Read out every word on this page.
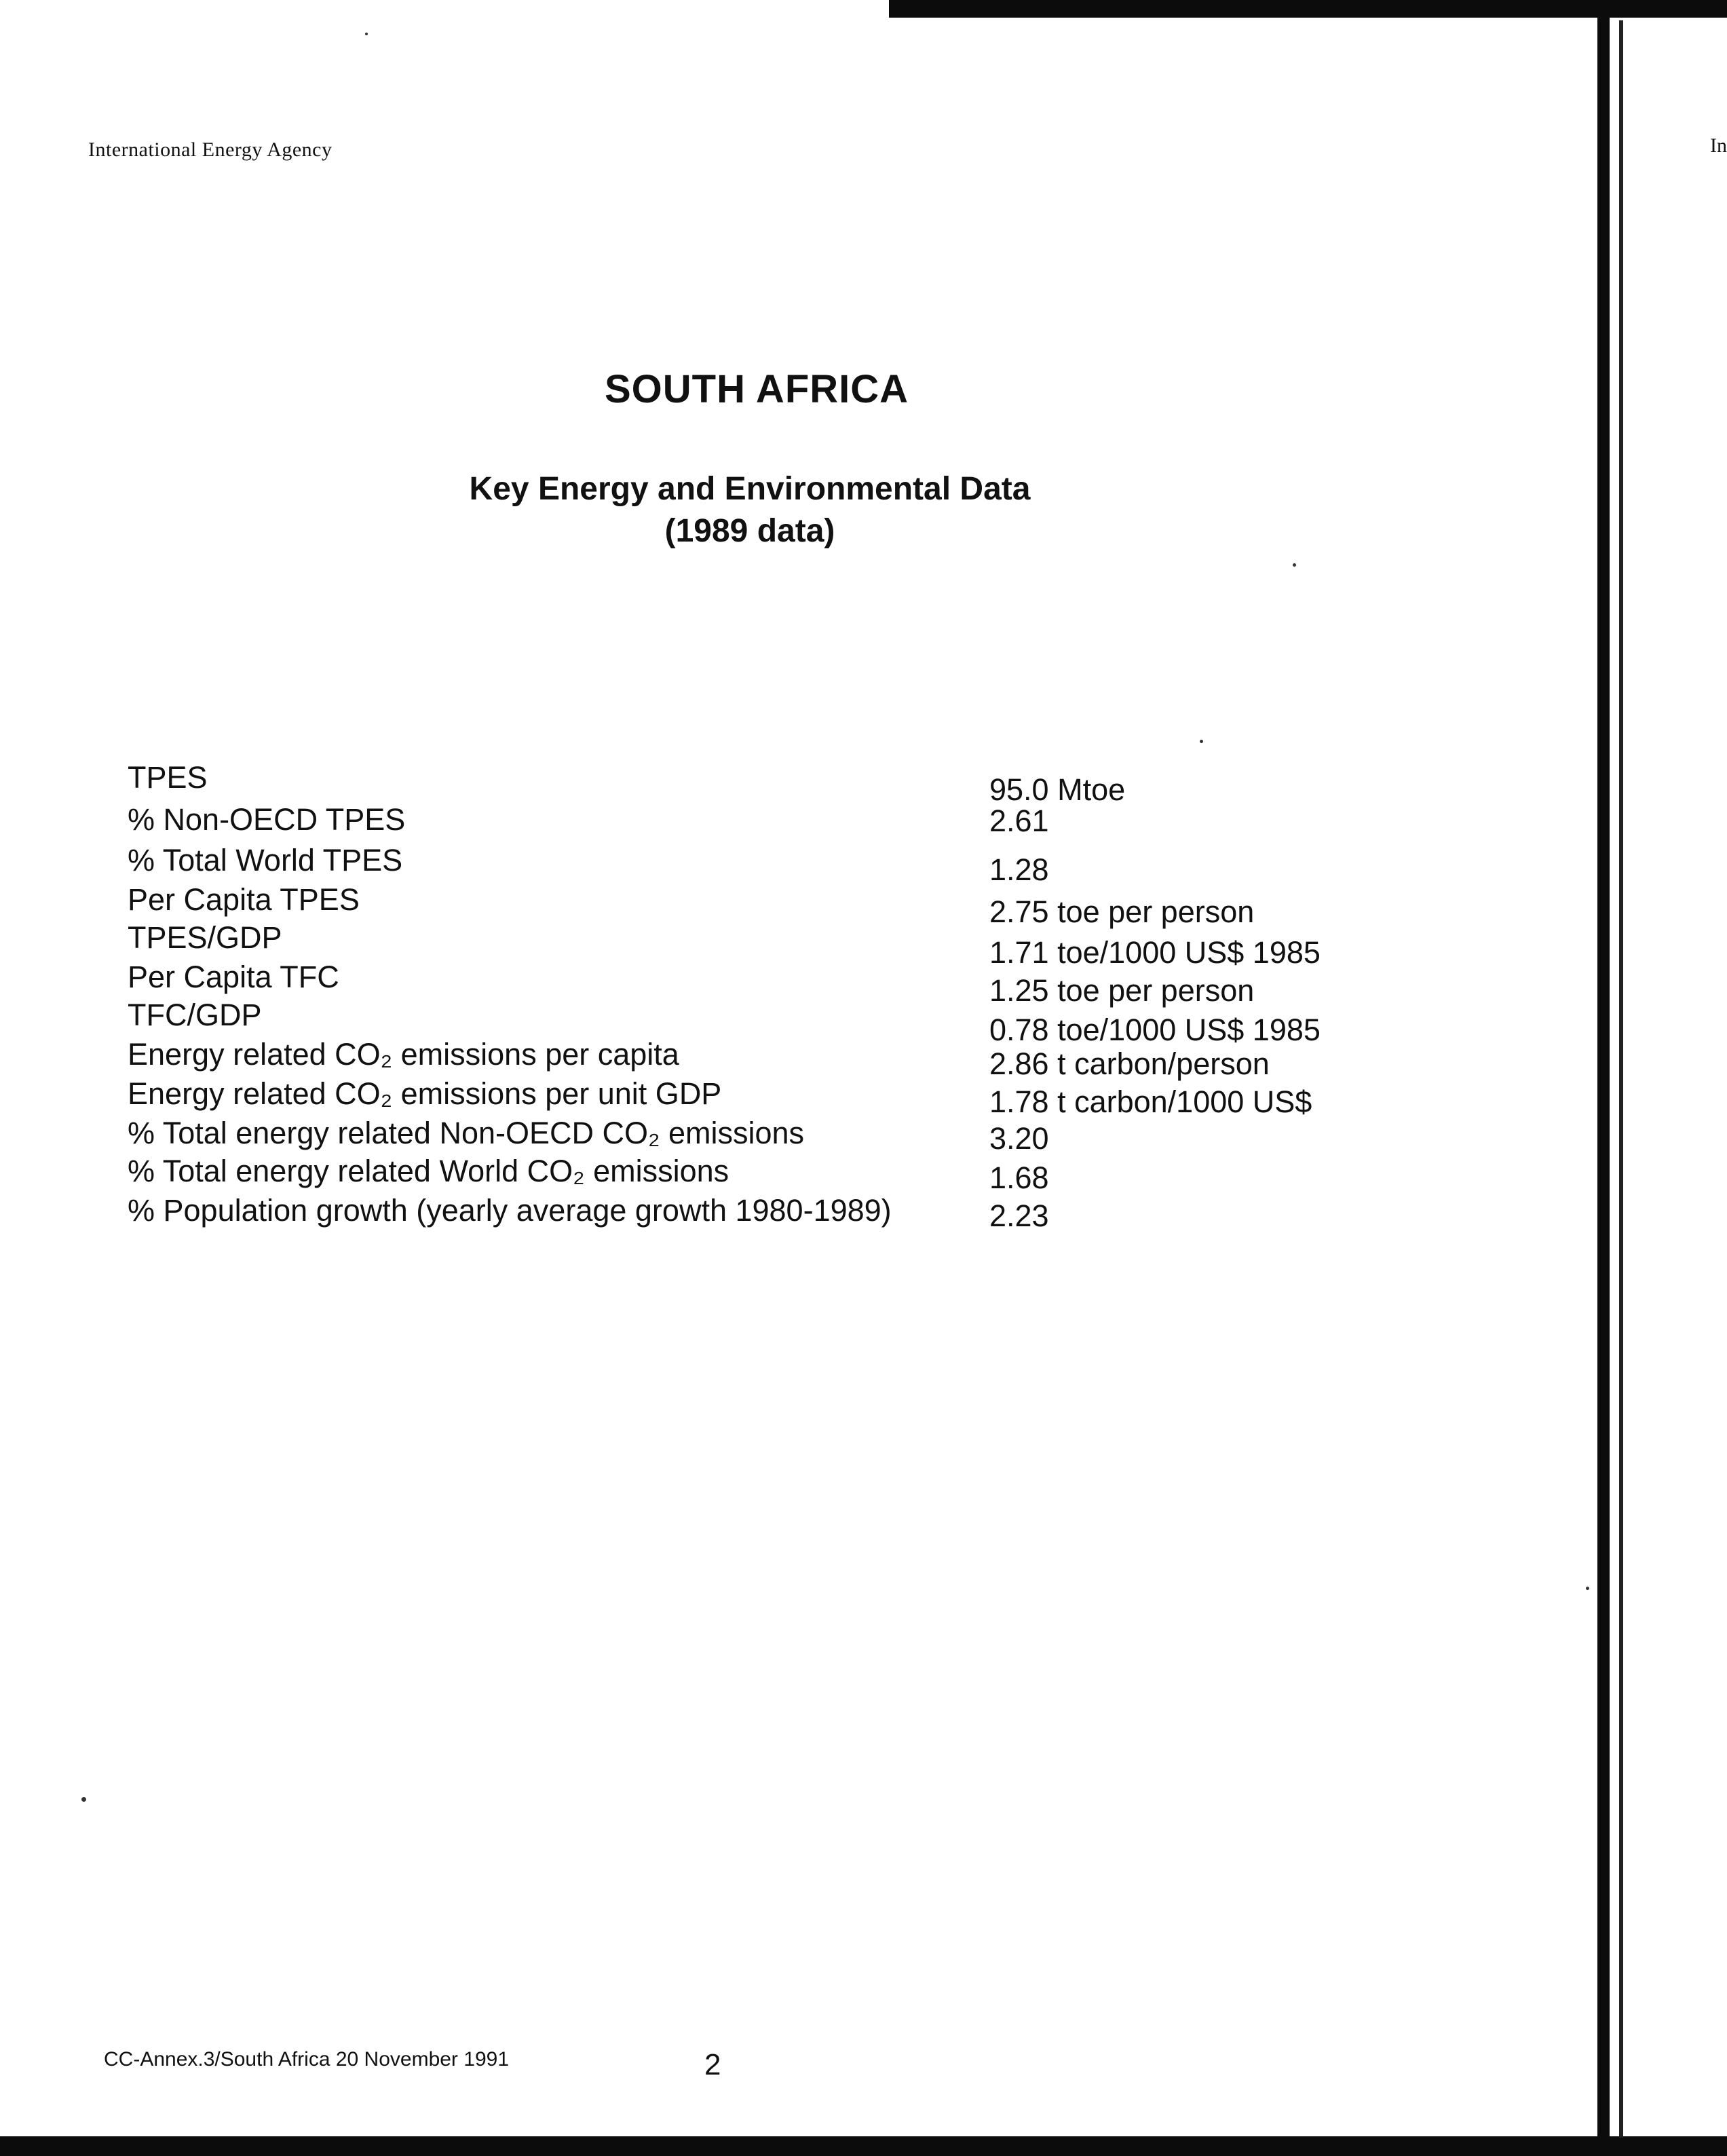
In
International Energy Agency
SOUTH AFRICA
Key Energy and Environmental Data
(1989 data)
TPES	95.0 Mtoe
% Non-OECD TPES	2.61
% Total World TPES	1.28
Per Capita TPES	2.75 toe per person
TPES/GDP	1.71 toe/1000 US$ 1985
Per Capita TFC	1.25 toe per person
TFC/GDP	0.78 toe/1000 US$ 1985
Energy related CO₂ emissions per capita	2.86 t carbon/person
Energy related CO₂ emissions per unit GDP	1.78 t carbon/1000 US$
% Total energy related Non-OECD CO₂ emissions	3.20
% Total energy related World CO₂ emissions	1.68
% Population growth (yearly average growth 1980-1989)	2.23
CC-Annex.3/South Africa 20 November 1991	2
